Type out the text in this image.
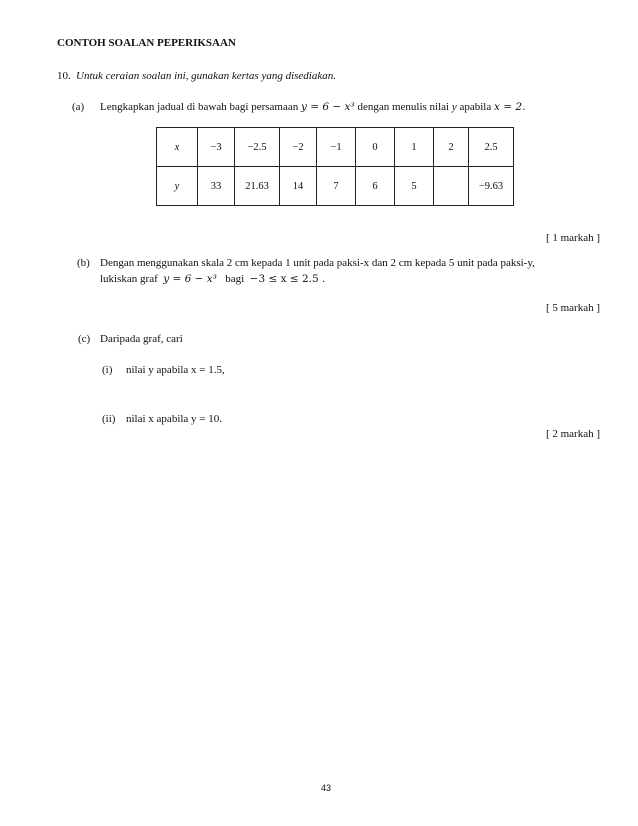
CONTOH SOALAN PEPERIKSAAN
10. Untuk ceraian soalan ini, gunakan kertas yang disediakan.
(a) Lengkapkan jadual di bawah bagi persamaan y = 6 − x³ dengan menulis nilai y apabila x = 2.
x	−3	−2.5	−2	−1	0	1	2	2.5
y	33	21.63	14	7	6	5		−9.63
[ 1 markah ]
(b) Dengan menggunakan skala 2 cm kepada 1 unit pada paksi-x dan 2 cm kepada 5 unit pada paksi-y,
lukiskan graf y = 6 − x³ bagi −3 ≤ x ≤ 2.5 .
[ 5 markah ]
(c) Daripada graf, cari
(i) nilai y apabila x = 1.5,
(ii) nilai x apabila y = 10.
[ 2 markah ]
43
